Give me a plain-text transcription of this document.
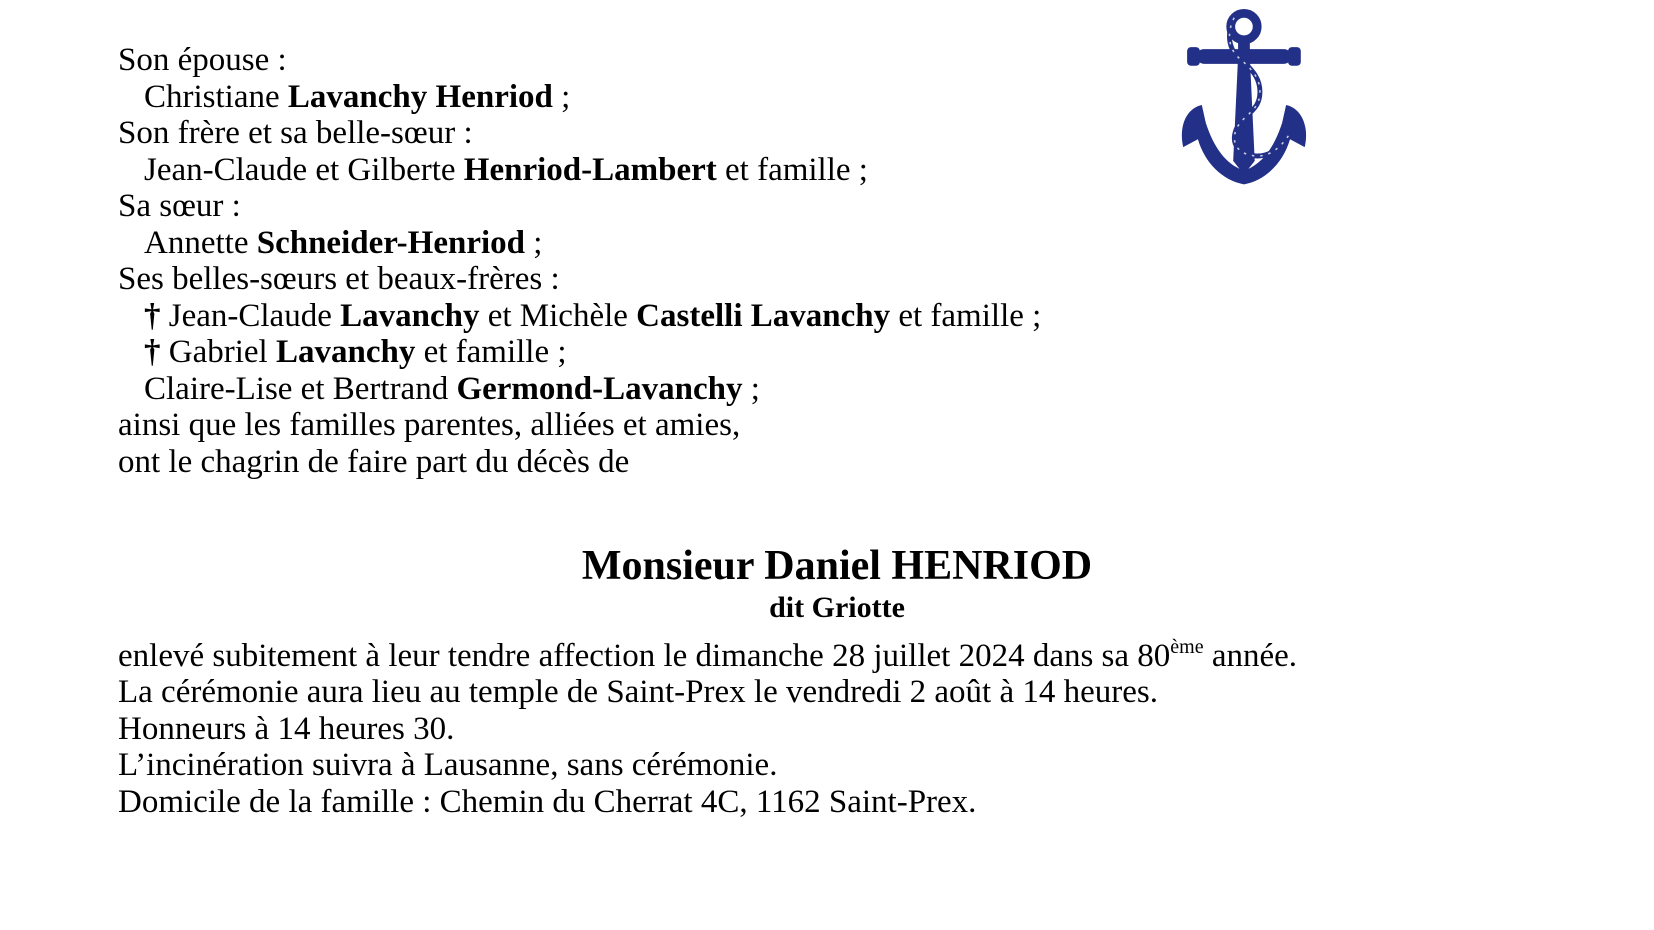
Son épouse :
Christiane Lavanchy Henriod ;
Son frère et sa belle-sœur :
Jean-Claude et Gilberte Henriod-Lambert et famille ;
Sa sœur :
Annette Schneider-Henriod ;
Ses belles-sœurs et beaux-frères :
† Jean-Claude Lavanchy et Michèle Castelli Lavanchy et famille ;
† Gabriel Lavanchy et famille ;
Claire-Lise et Bertrand Germond-Lavanchy ;
ainsi que les familles parentes, alliées et amies,
ont le chagrin de faire part du décès de
Monsieur Daniel HENRIOD
dit Griotte
enlevé subitement à leur tendre affection le dimanche 28 juillet 2024 dans sa 80ème année.
La cérémonie aura lieu au temple de Saint-Prex le vendredi 2 août à 14 heures.
Honneurs à 14 heures 30.
L’incinération suivra à Lausanne, sans cérémonie.
Domicile de la famille : Chemin du Cherrat 4C, 1162 Saint-Prex.
